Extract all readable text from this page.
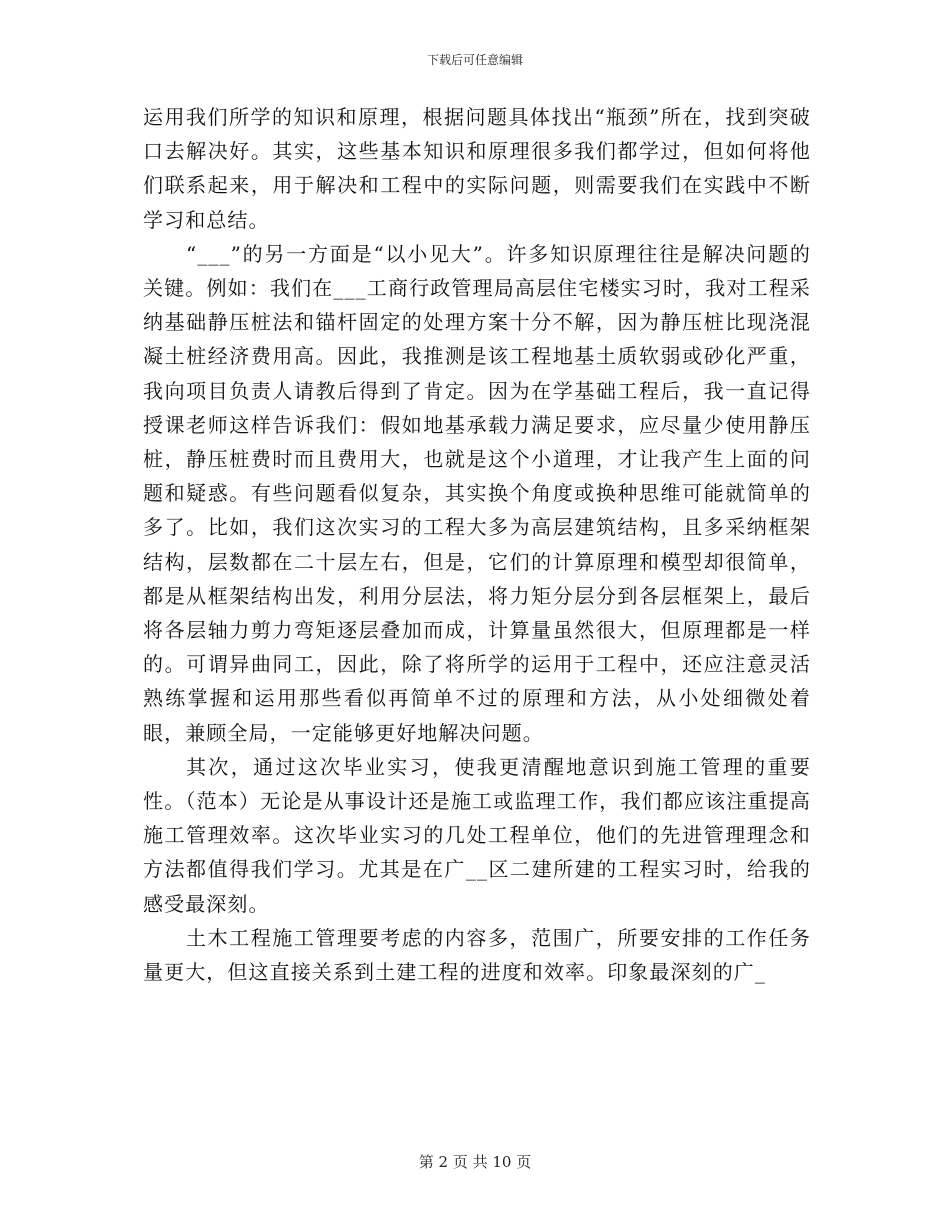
下载后可任意编辑

运用我们所学的知识和原理，根据问题具体找出“瓶颈”所在，找到突破口去解决好。其实，这些基本知识和原理很多我们都学过，但如何将他们联系起来，用于解决和工程中的实际问题，则需要我们在实践中不断学习和总结。

“___”的另一方面是“以小见大”。许多知识原理往往是解决问题的关键。例如：我们在___工商行政管理局高层住宅楼实习时，我对工程采纳基础静压桩法和锚杆固定的处理方案十分不解，因为静压桩比现浇混凝土桩经济费用高。因此，我推测是该工程地基土质软弱或砂化严重，我向项目负责人请教后得到了肯定。因为在学基础工程后，我一直记得授课老师这样告诉我们：假如地基承载力满足要求，应尽量少使用静压桩，静压桩费时而且费用大，也就是这个小道理，才让我产生上面的问题和疑惑。有些问题看似复杂，其实换个角度或换种思维可能就简单的多了。比如，我们这次实习的工程大多为高层建筑结构，且多采纳框架结构，层数都在二十层左右，但是，它们的计算原理和模型却很简单，都是从框架结构出发，利用分层法，将力矩分层分到各层框架上，最后将各层轴力剪力弯矩逐层叠加而成，计算量虽然很大，但原理都是一样的。可谓异曲同工，因此，除了将所学的运用于工程中，还应注意灵活熟练掌握和运用那些看似再简单不过的原理和方法，从小处细微处着眼，兼顾全局，一定能够更好地解决问题。

其次，通过这次毕业实习，使我更清醒地意识到施工管理的重要性。（范本）无论是从事设计还是施工或监理工作，我们都应该注重提高施工管理效率。这次毕业实习的几处工程单位，他们的先进管理理念和方法都值得我们学习。尤其是在广__区二建所建的工程实习时，给我的感受最深刻。

土木工程施工管理要考虑的内容多，范围广，所要安排的工作任务量更大，但这直接关系到土建工程的进度和效率。印象最深刻的广_

第 2 页 共 10 页
